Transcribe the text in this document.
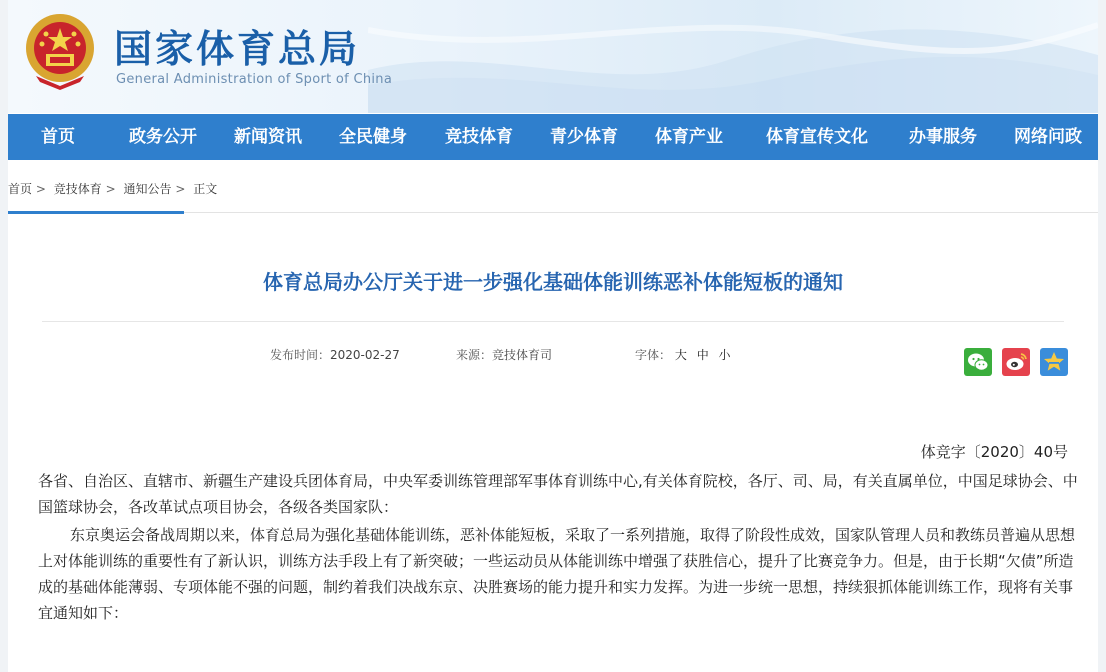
国家体育总局
General Administration of Sport of China
首页	政务公开 新闻资讯 全民健身 竞技体育 青少体育 体育产业	体育宣传文化 办事服务 网络问政
首页 > 竞技体育 > 通知公告 > 正文
体育总局办公厅关于进一步强化基础体能训练恶补体能短板的通知
发布时间：2020-02-27	来源：竞技体育司	字体： 大 中 小
体竞字〔2020〕40号

各省、自治区、直辖市、新疆生产建设兵团体育局，中央军委训练管理部军事体育训练中心,有关体育院校，各厅、司、局，有关直属单位，中国足球协会、中国篮球协会，各改革试点项目协会，各级各类国家队：

东京奥运会备战周期以来，体育总局为强化基础体能训练，恶补体能短板，采取了一系列措施，取得了阶段性成效，国家队管理人员和教练员普遍从思想上对体能训练的重要性有了新认识，训练方法手段上有了新突破；一些运动员从体能训练中增强了获胜信心，提升了比赛竞争力。但是，由于长期“欠债”所造成的基础体能薄弱、专项体能不强的问题，制约着我们决战东京、决胜赛场的能力提升和实力发挥。为进一步统一思想，持续狠抓体能训练工作，现将有关事宜通知如下：
